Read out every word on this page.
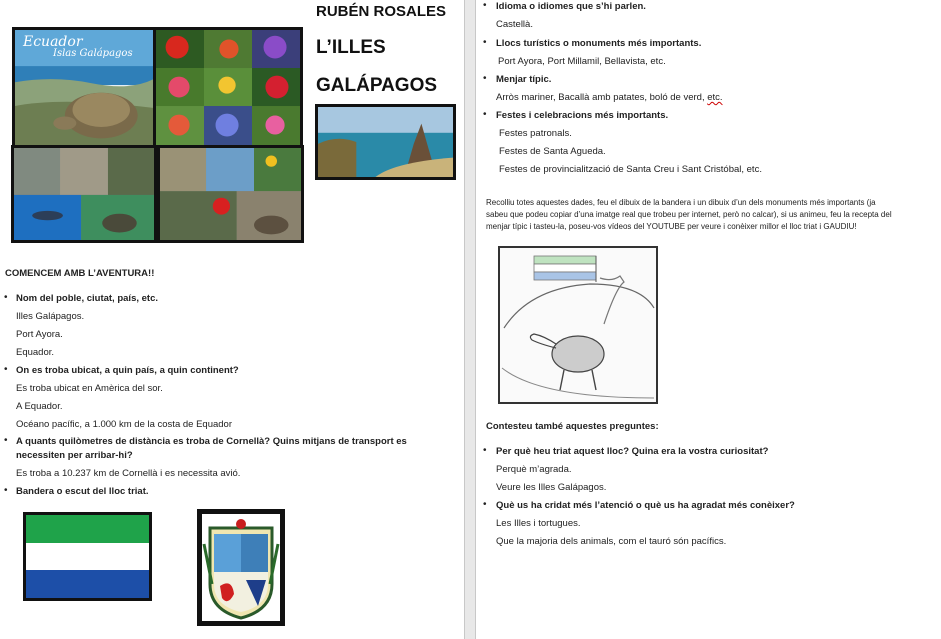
Ecuador
Islas Galápagos
RUBÉN ROSALES
L’ILLES
GALÁPAGOS
COMENCEM AMB L’AVENTURA!!
• Nom del poble, ciutat, país, etc.
Illes Galápagos.
Port Ayora.
Equador.
• On es troba ubicat, a quin país, a quin continent?
Es troba ubicat en Amèrica del sor.
A Equador.
Océano pacífic, a 1.000 km de la costa de Equador
• A quants quilòmetres de distància es troba de Cornellà? Quins mitjans de transport es
necessiten per arribar-hi?
Es troba a 10.237 km de Cornellà i es necessita avió.
• Bandera o escut del lloc triat.
• Idioma o idiomes que s’hi parlen.
Castellà.
• Llocs turístics o monuments més importants.
Port Ayora, Port Millamil, Bellavista, etc.
• Menjar típic.
Arròs mariner, Bacallà amb patates, boló de verd, etc.
• Festes i celebracions més importants.
Festes patronals.
Festes de Santa Agueda.
Festes de provincialització de Santa Creu i Sant Cristóbal, etc.
Recolliu totes aquestes dades, feu el dibuix de la bandera i un dibuix d’un dels monuments més importants (ja
sabeu que podeu copiar d’una imatge real que trobeu per internet, però no calcar), si us animeu, feu la recepta del
menjar típic i tasteu-la, poseu-vos vídeos del YOUTUBE per veure i conèixer millor el lloc triat i GAUDIU!
Contesteu també aquestes preguntes:
• Per què heu triat aquest lloc? Quina era la vostra curiositat?
Perquè m’agrada.
Veure les Illes Galápagos.
• Què us ha cridat més l’atenció o què us ha agradat més conèixer?
Les Illes i tortugues.
Que la majoria dels animals, com el tauró són pacífics.
